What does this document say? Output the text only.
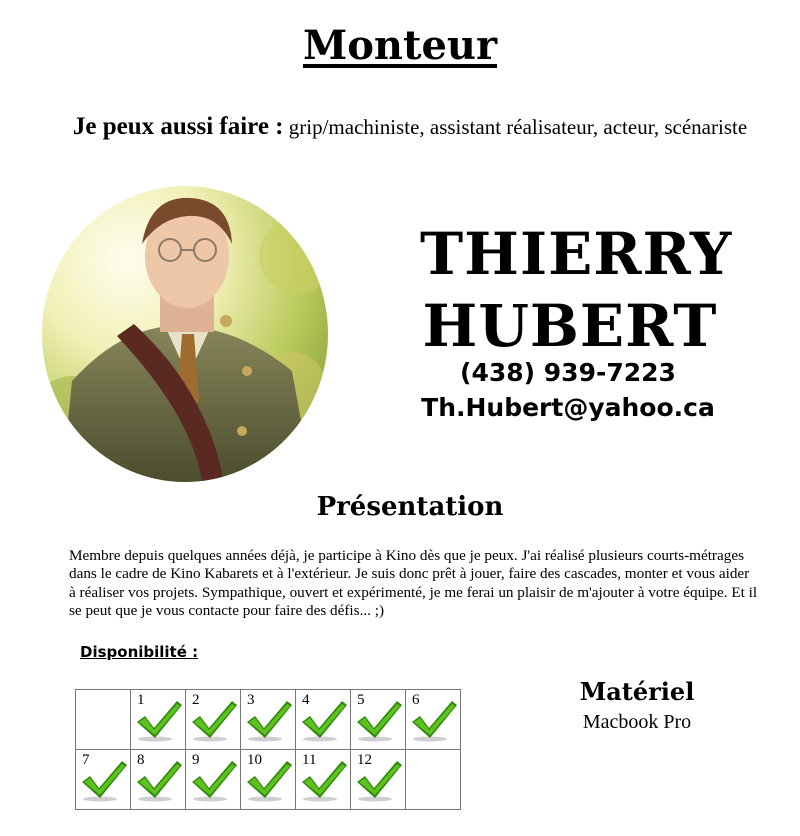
Monteur
Je peux aussi faire : grip/machiniste, assistant réalisateur, acteur, scénariste
THIERRY
HUBERT
(438) 939-7223
Th.Hubert@yahoo.ca
Présentation
Membre depuis quelques années déjà, je participe à Kino dès que je peux. J'ai réalisé plusieurs courts-métrages dans le cadre de Kino Kabarets et à l'extérieur. Je suis donc prêt à jouer, faire des cascades, monter et vous aider à réaliser vos projets. Sympathique, ouvert et expérimenté, je me ferai un plaisir de m'ajouter à votre équipe. Et il se peut que je vous contacte pour faire des défis... ;)
Disponibilité :

	1	2	3	4	5	6

7	8	9	10	11	12	

Matériel
Macbook Pro
